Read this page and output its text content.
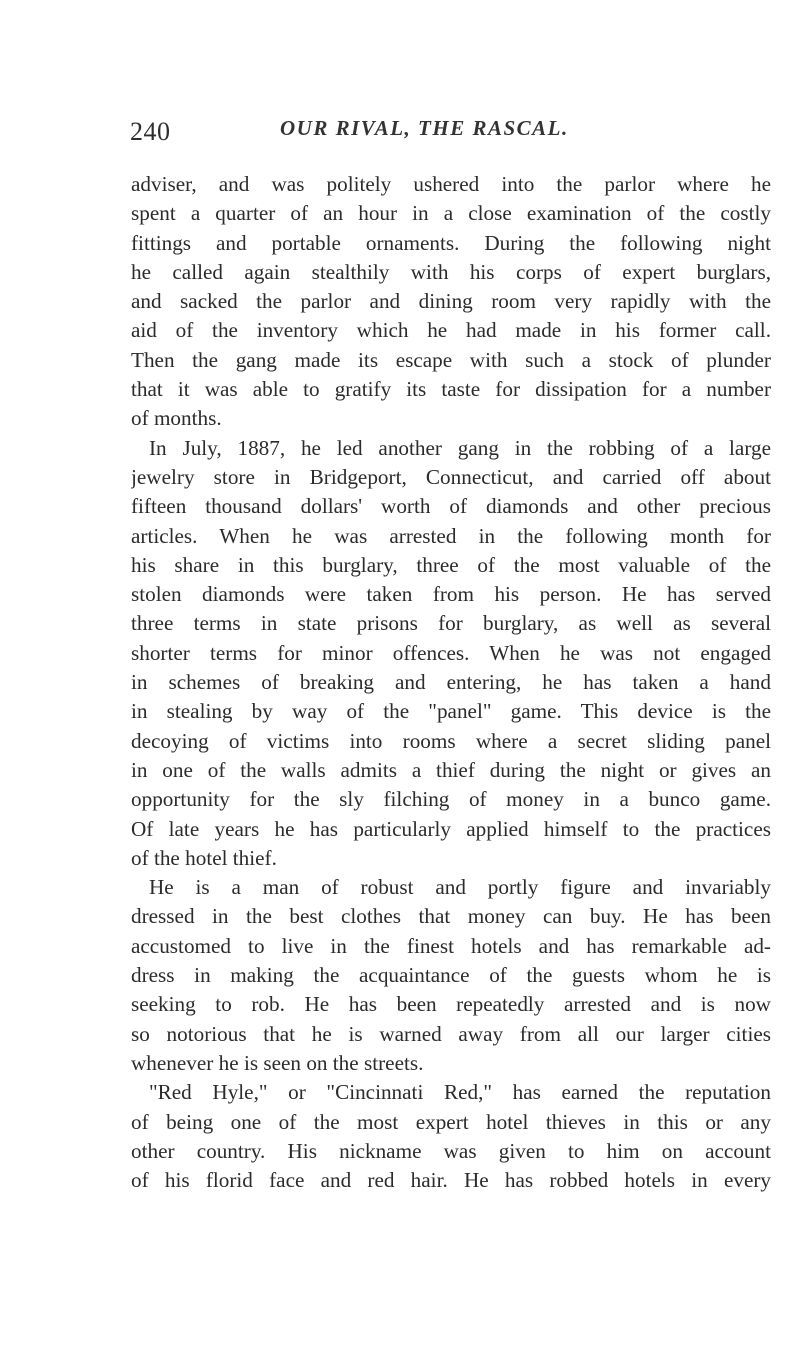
240	OUR RIVAL, THE RASCAL.
adviser, and was politely ushered into the parlor where he
spent a quarter of an hour in a close examination of the costly
fittings and portable ornaments. During the following night
he called again stealthily with his corps of expert burglars,
and sacked the parlor and dining room very rapidly with the
aid of the inventory which he had made in his former call.
Then the gang made its escape with such a stock of plunder
that it was able to gratify its taste for dissipation for a number
of months.
In July, 1887, he led another gang in the robbing of a large
jewelry store in Bridgeport, Connecticut, and carried off about
fifteen thousand dollars' worth of diamonds and other precious
articles. When he was arrested in the following month for
his share in this burglary, three of the most valuable of the
stolen diamonds were taken from his person. He has served
three terms in state prisons for burglary, as well as several
shorter terms for minor offences. When he was not engaged
in schemes of breaking and entering, he has taken a hand
in stealing by way of the "panel" game. This device is the
decoying of victims into rooms where a secret sliding panel
in one of the walls admits a thief during the night or gives an
opportunity for the sly filching of money in a bunco game.
Of late years he has particularly applied himself to the practices
of the hotel thief.
He is a man of robust and portly figure and invariably
dressed in the best clothes that money can buy. He has been
accustomed to live in the finest hotels and has remarkable ad-
dress in making the acquaintance of the guests whom he is
seeking to rob. He has been repeatedly arrested and is now
so notorious that he is warned away from all our larger cities
whenever he is seen on the streets.
"Red Hyle," or "Cincinnati Red," has earned the reputation
of being one of the most expert hotel thieves in this or any
other country. His nickname was given to him on account
of his florid face and red hair. He has robbed hotels in every
